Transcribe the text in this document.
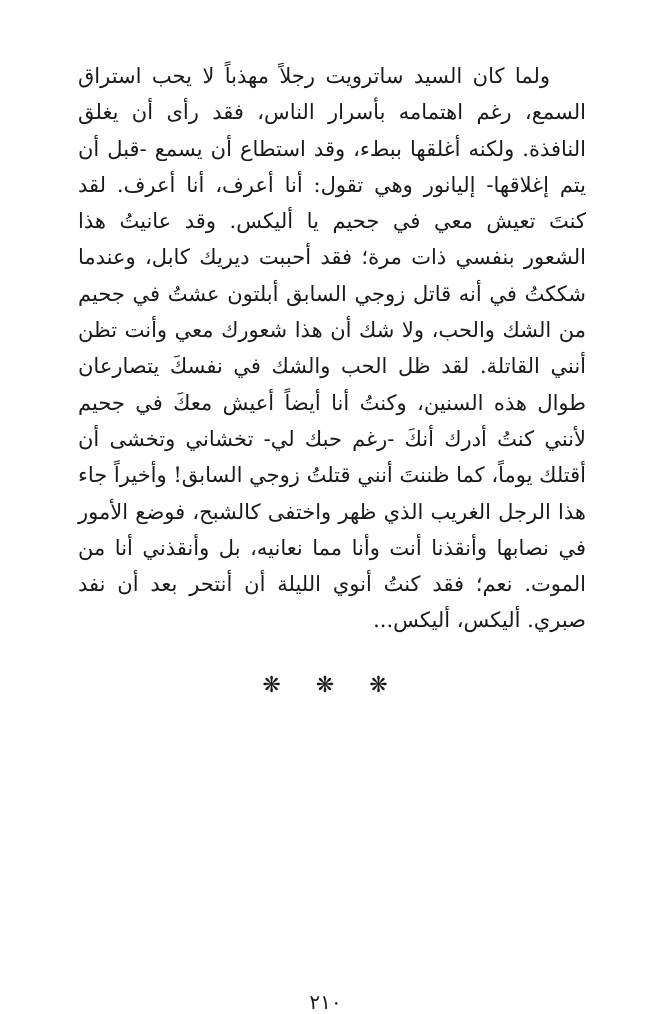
ولما كان السيد ساترويت رجلاً مهذباً لا يحب استراق السمع، رغم اهتمامه بأسرار الناس، فقد رأى أن يغلق النافذة. ولكنه أغلقها ببطء، وقد استطاع أن يسمع -قبل أن يتم إغلاقها- إليانور وهي تقول: أنا أعرف، أنا أعرف. لقد كنتَ تعيش معي في جحيم يا أليكس. وقد عانيتُ هذا الشعور بنفسي ذات مرة؛ فقد أحببت ديريك كابل، وعندما شككتُ في أنه قاتل زوجي السابق أبلتون عشتُ في جحيم من الشك والحب، ولا شك أن هذا شعورك معي وأنت تظن أنني القاتلة. لقد ظل الحب والشك في نفسكَ يتصارعان طوال هذه السنين، وكنتُ أنا أيضاً أعيش معكَ في جحيم لأنني كنتُ أدرك أنكَ -رغم حبك لي- تخشاني وتخشى أن أقتلك يوماً، كما ظننتَ أنني قتلتُ زوجي السابق! وأخيراً جاء هذا الرجل الغريب الذي ظهر واختفى كالشبح، فوضع الأمور في نصابها وأنقذنا أنت وأنا مما نعانيه، بل وأنقذني أنا من الموت. نعم؛ فقد كنتُ أنوي الليلة أن أنتحر بعد أن نفد صبري. أليكس، أليكس...

❋ ❋ ❋
٢١٠
